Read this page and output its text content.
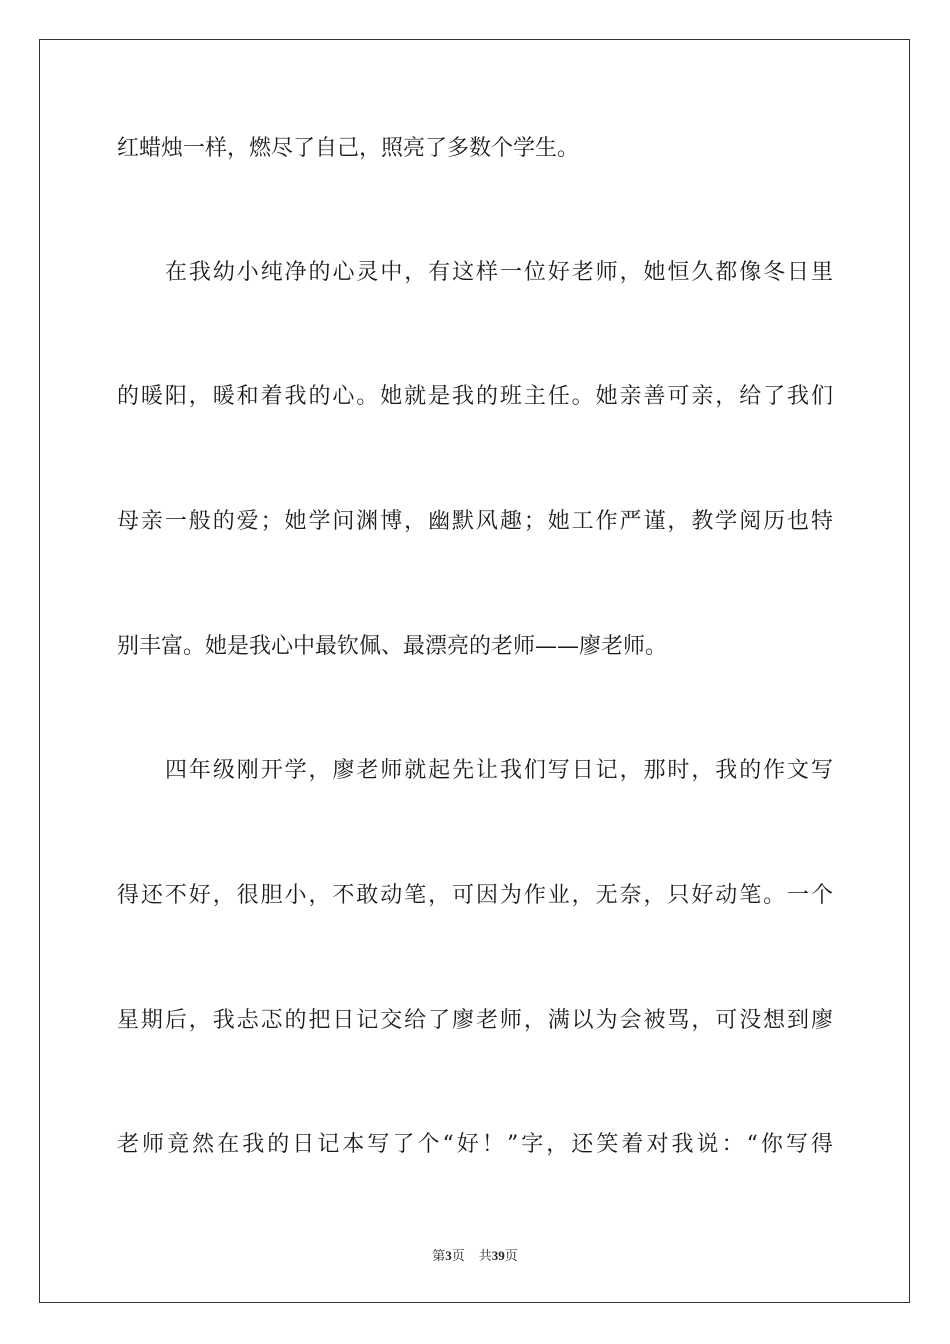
红蜡烛一样，燃尽了自己，照亮了多数个学生。
在我幼小纯净的心灵中，有这样一位好老师，她恒久都像冬日里
的暖阳，暖和着我的心。她就是我的班主任。她亲善可亲，给了我们
母亲一般的爱；她学问渊博，幽默风趣；她工作严谨，教学阅历也特
别丰富。她是我心中最钦佩、最漂亮的老师——廖老师。
四年级刚开学，廖老师就起先让我们写日记，那时，我的作文写
得还不好，很胆小，不敢动笔，可因为作业，无奈，只好动笔。一个
星期后，我忐忑的把日记交给了廖老师，满以为会被骂，可没想到廖
老师竟然在我的日记本写了个“好！”字，还笑着对我说：“你写得
第3页 共39页
